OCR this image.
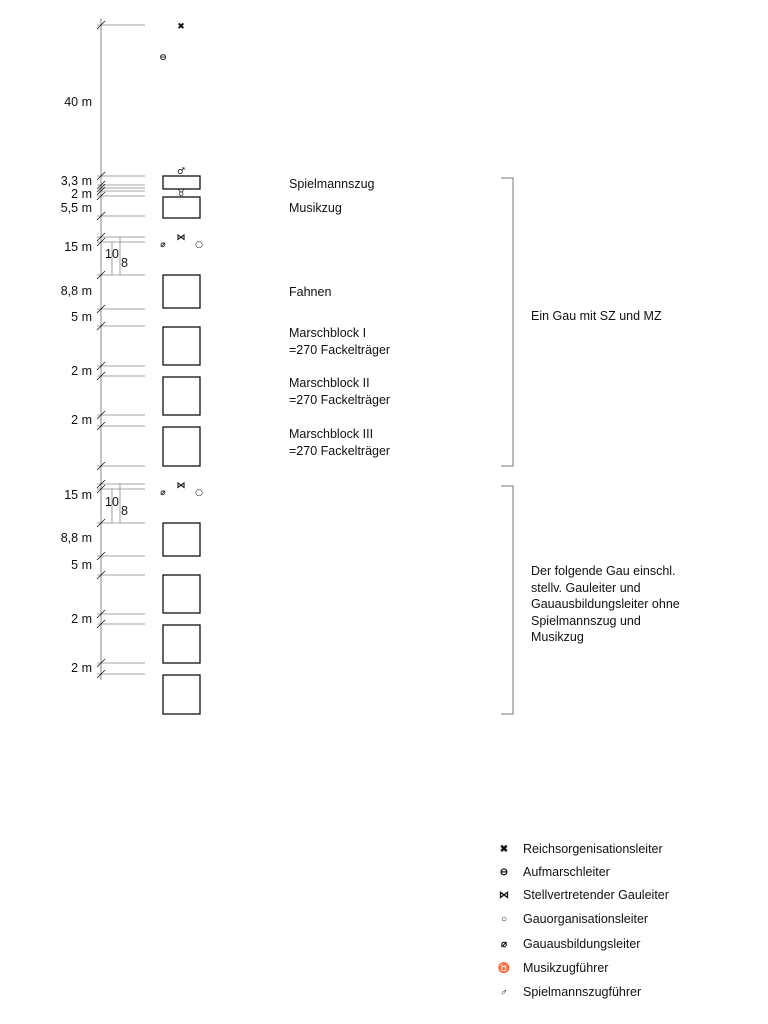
✖
⊖
♂
♉
⋈
⌀	○
⋈
⌀	○
40 m
3,3 m
2 m
5,5 m
15 m
8,8 m
5 m
2 m
2 m
15 m
8,8 m
5 m
2 m
2 m
10
8
10
8
Spielmannszug
Musikzug
Fahnen
Marschblock I
=270 Fackelträger
Marschblock II
=270 Fackelträger
Marschblock III
=270 Fackelträger
Ein Gau mit SZ und MZ
Der folgende Gau einschl.
stellv. Gauleiter und
Gauausbildungsleiter ohne
Spielmannszug und
Musikzug
✖	Reichsorgenisationsleiter
⊖	Aufmarschleiter
⋈	Stellvertretender Gauleiter
○	Gauorganisationsleiter
⌀	Gauausbildungsleiter
♉ Musikzugführer
♂	Spielmannszugführer
